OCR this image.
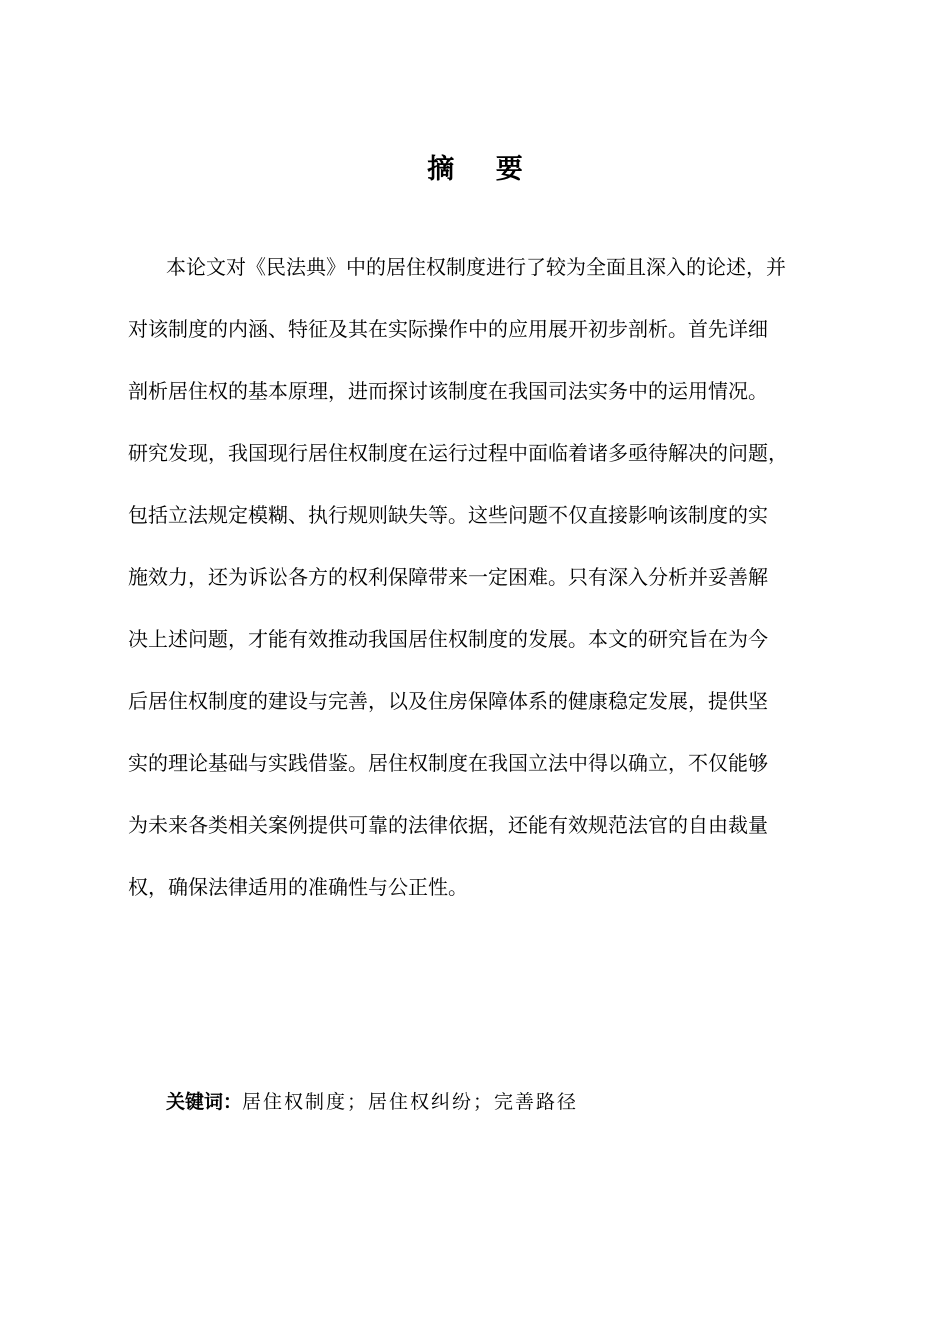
摘 要
本论文对《民法典》中的居住权制度进行了较为全面且深入的论述，并
对该制度的内涵、特征及其在实际操作中的应用展开初步剖析。首先详细
剖析居住权的基本原理，进而探讨该制度在我国司法实务中的运用情况。
研究发现，我国现行居住权制度在运行过程中面临着诸多亟待解决的问题，
包括立法规定模糊、执行规则缺失等。这些问题不仅直接影响该制度的实
施效力，还为诉讼各方的权利保障带来一定困难。只有深入分析并妥善解
决上述问题，才能有效推动我国居住权制度的发展。本文的研究旨在为今
后居住权制度的建设与完善，以及住房保障体系的健康稳定发展，提供坚
实的理论基础与实践借鉴。居住权制度在我国立法中得以确立，不仅能够
为未来各类相关案例提供可靠的法律依据，还能有效规范法官的自由裁量
权，确保法律适用的准确性与公正性。
关键词：居住权制度；居住权纠纷；完善路径
